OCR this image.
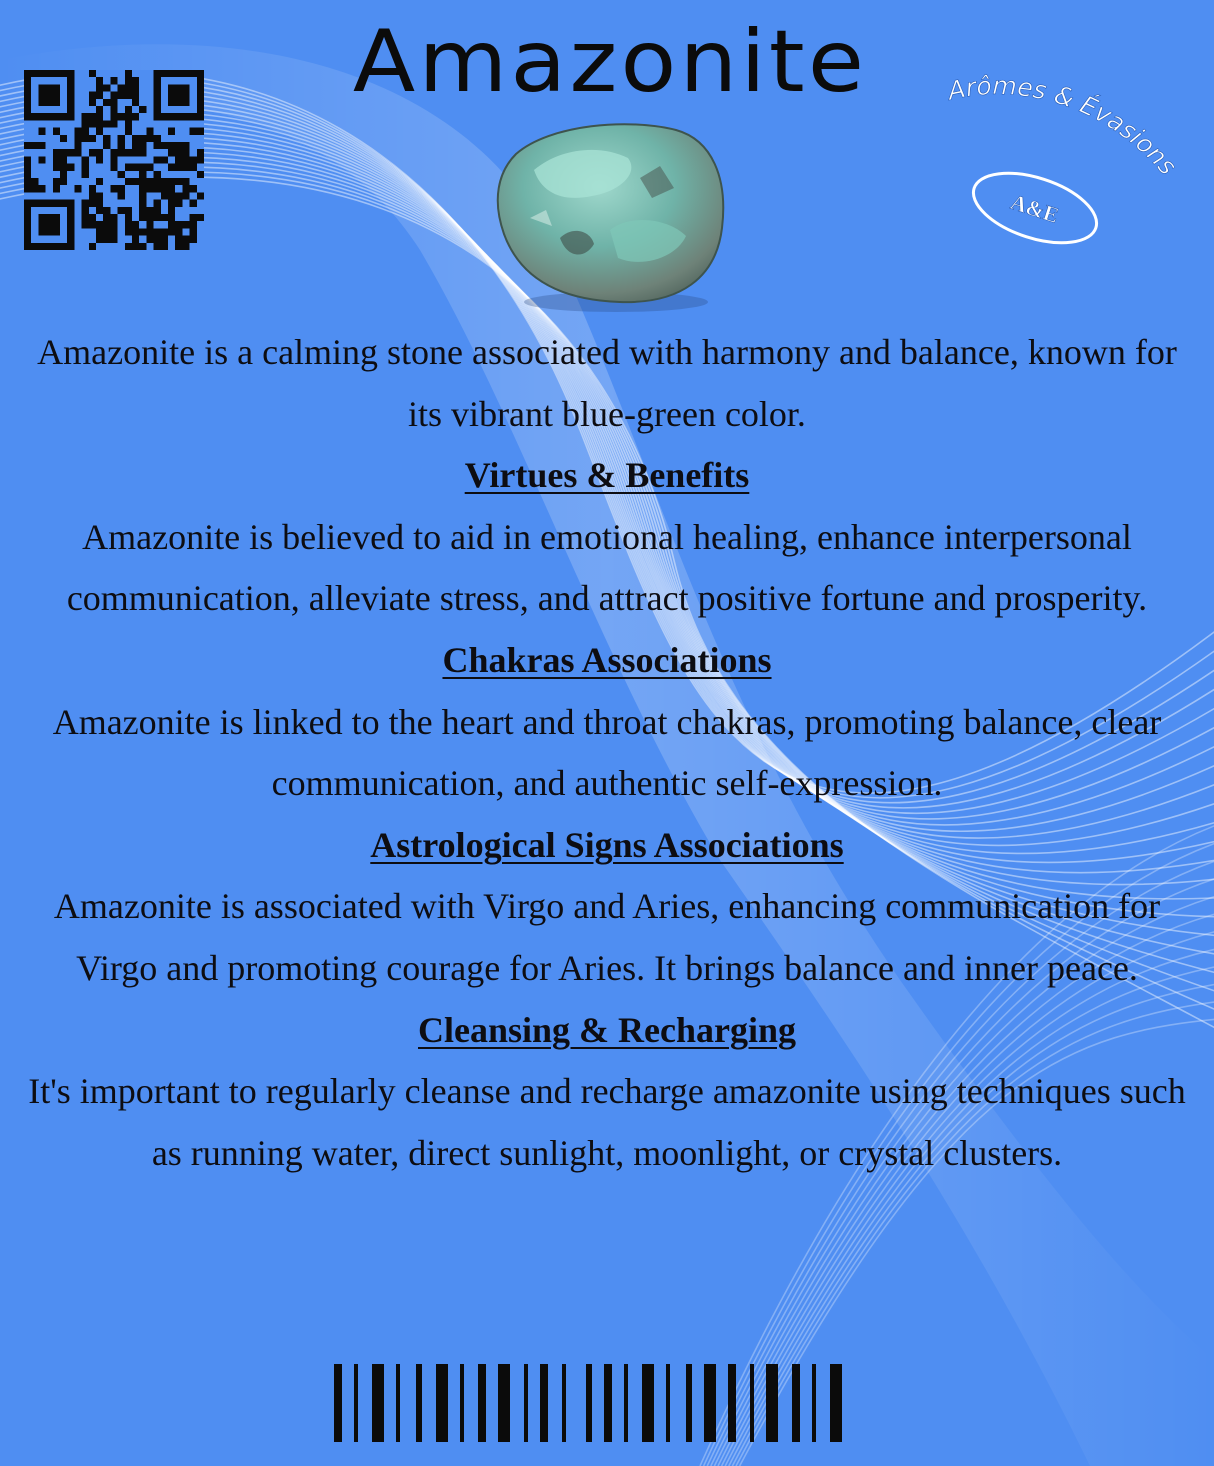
Amazonite	Arômes & Évasions
A&E

Amazonite is a calming stone associated with harmony and balance, known for its vibrant blue-green color.

Virtues & Benefits

Amazonite is believed to aid in emotional healing, enhance interpersonal communication, alleviate stress, and attract positive fortune and prosperity.

Chakras Associations

Amazonite is linked to the heart and throat chakras, promoting balance, clear communication, and authentic self-expression.

Astrological Signs Associations

Amazonite is associated with Virgo and Aries, enhancing communication for Virgo and promoting courage for Aries. It brings balance and inner peace.

Cleansing & Recharging

It's important to regularly cleanse and recharge amazonite using techniques such as running water, direct sunlight, moonlight, or crystal clusters.
